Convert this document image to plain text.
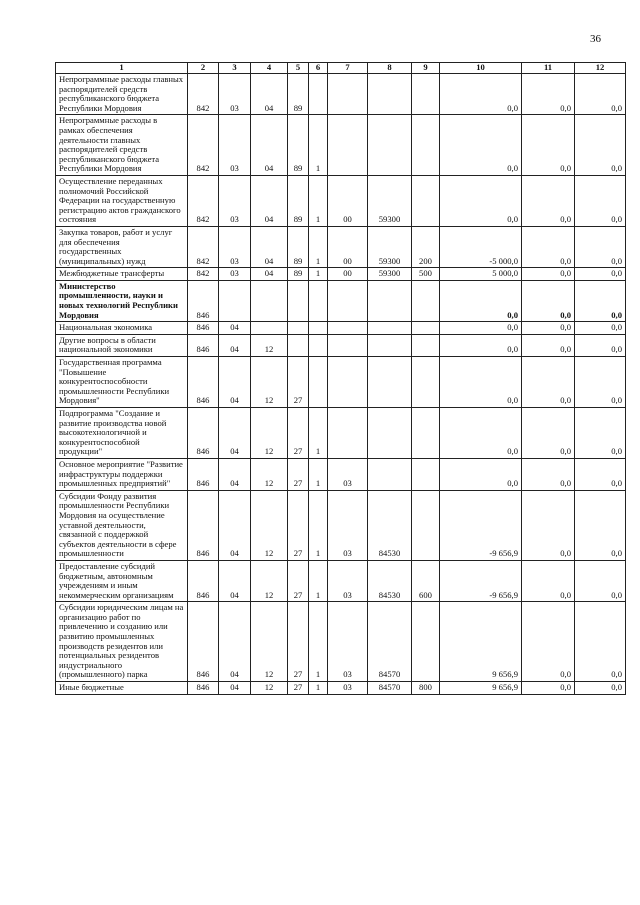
36
1	2	3	4	5	6	7	8	9	10	11	12
Непрограммные расходы главных распорядителей средств республиканского бюджета Республики Мордовия	842	03	04	89					0,0	0,0	0,0
Непрограммные расходы в рамках обеспечения деятельности главных распорядителей средств республиканского бюджета Республики Мордовия	842	03	04	89	1				0,0	0,0	0,0
Осуществление переданных полномочий Российской Федерации на государственную регистрацию актов гражданского состояния	842	03	04	89	1	00	59300		0,0	0,0	0,0
Закупка товаров, работ и услуг для обеспечения государственных (муниципальных) нужд	842	03	04	89	1	00	59300	200	-5 000,0	0,0	0,0
Межбюджетные трансферты	842	03	04	89	1	00	59300	500	5 000,0	0,0	0,0
Министерство промышленности, науки и новых технологий Республики Мордовия	846								0,0	0,0	0,0
Национальная экономика	846	04							0,0	0,0	0,0
Другие вопросы в области национальной экономики	846	04	12						0,0	0,0	0,0
Государственная программа "Повышение конкурентоспособности промышленности Республики Мордовия"	846	04	12	27					0,0	0,0	0,0
Подпрограмма "Создание и развитие производства новой высокотехнологичной и конкурентоспособной продукции"	846	04	12	27	1				0,0	0,0	0,0
Основное мероприятие "Развитие инфраструктуры поддержки промышленных предприятий"	846	04	12	27	1	03			0,0	0,0	0,0
Субсидии Фонду развития промышленности Республики Мордовия на осуществление уставной деятельности, связанной с поддержкой субъектов деятельности в сфере промышленности	846	04	12	27	1	03	84530		-9 656,9	0,0	0,0
Предоставление субсидий бюджетным, автономным учреждениям и иным некоммерческим организациям	846	04	12	27	1	03	84530	600	-9 656,9	0,0	0,0
Субсидии юридическим лицам на организацию работ по привлечению и созданию или развитию промышленных производств резидентов или потенциальных резидентов индустриального (промышленного) парка	846	04	12	27	1	03	84570		9 656,9	0,0	0,0
Иные бюджетные	846	04	12	27	1	03	84570	800	9 656,9	0,0	0,0
